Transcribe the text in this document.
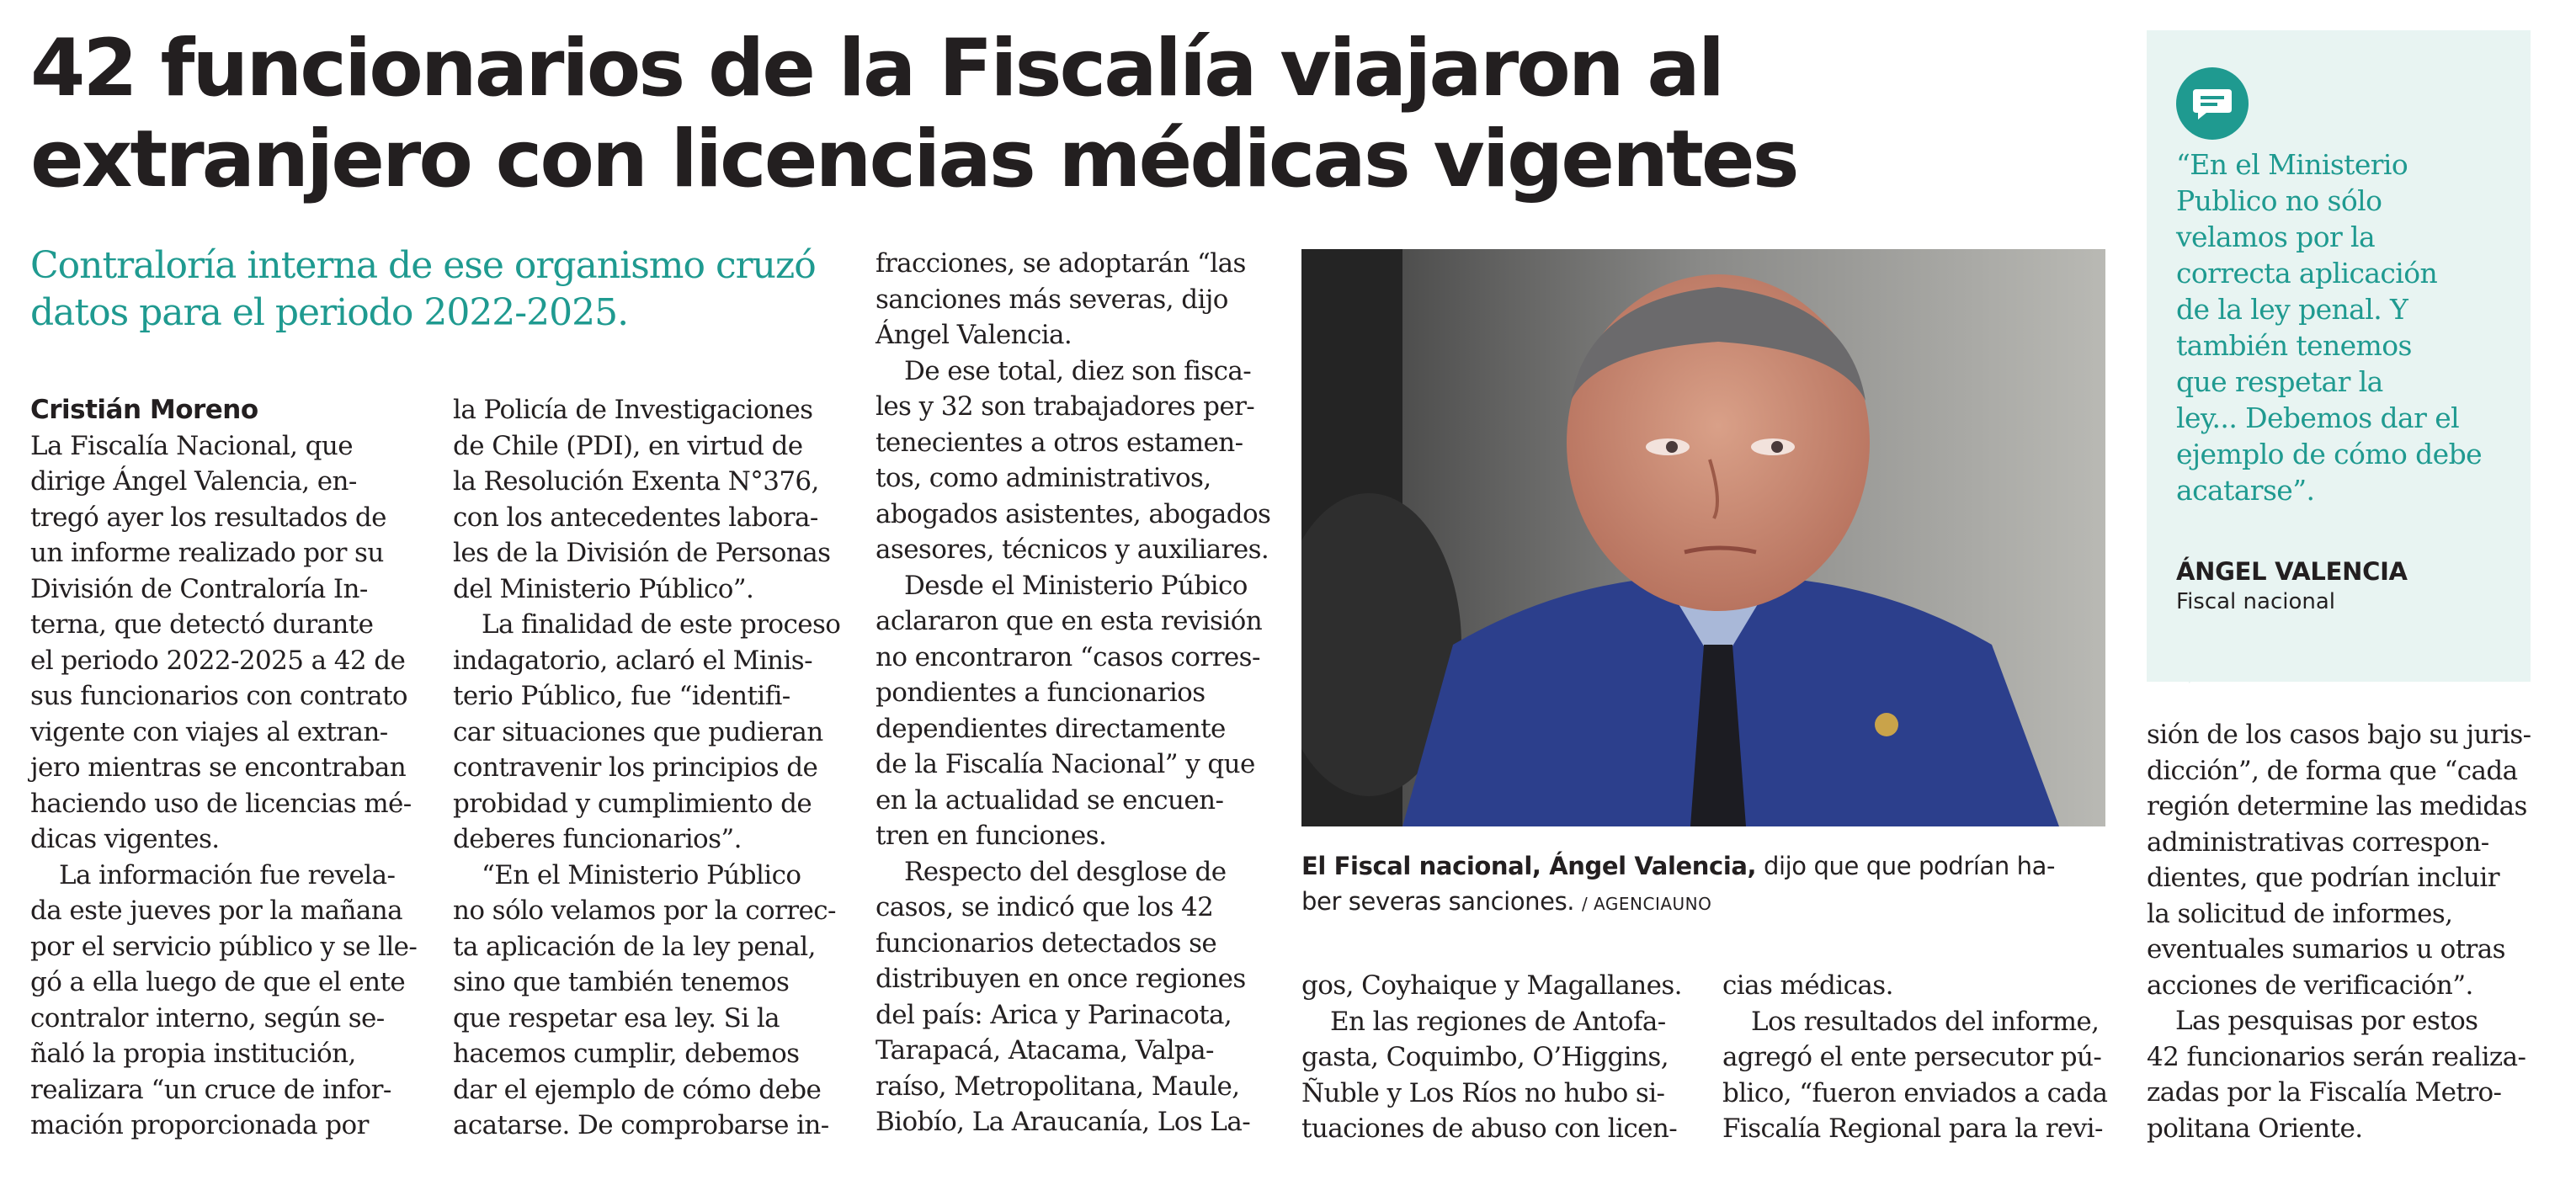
42 funcionarios de la Fiscalía viajaron al
extranjero con licencias médicas vigentes
Contraloría interna de ese organismo cruzó
datos para el periodo 2022-2025.
Cristián Moreno
La Fiscalía Nacional, que
dirige Ángel Valencia, en-
tregó ayer los resultados de
un informe realizado por su
División de Contraloría In-
terna, que detectó durante
el periodo 2022-2025 a 42 de
sus funcionarios con contrato
vigente con viajes al extran-
jero mientras se encontraban
haciendo uso de licencias mé-
dicas vigentes.
La información fue revela-
da este jueves por la mañana
por el servicio público y se lle-
gó a ella luego de que el ente
contralor interno, según se-
ñaló la propia institución,
realizara “un cruce de infor-
mación proporcionada por
la Policía de Investigaciones
de Chile (PDI), en virtud de
la Resolución Exenta N°376,
con los antecedentes labora-
les de la División de Personas
del Ministerio Público”.
La finalidad de este proceso
indagatorio, aclaró el Minis-
terio Público, fue “identifi-
car situaciones que pudieran
contravenir los principios de
probidad y cumplimiento de
deberes funcionarios”.
“En el Ministerio Público
no sólo velamos por la correc-
ta aplicación de la ley penal,
sino que también tenemos
que respetar esa ley. Si la
hacemos cumplir, debemos
dar el ejemplo de cómo debe
acatarse. De comprobarse in-
fracciones, se adoptarán “las
sanciones más severas, dijo
Ángel Valencia.
De ese total, diez son fisca-
les y 32 son trabajadores per-
tenecientes a otros estamen-
tos, como administrativos,
abogados asistentes, abogados
asesores, técnicos y auxiliares.
Desde el Ministerio Púbico
aclararon que en esta revisión
no encontraron “casos corres-
pondientes a funcionarios
dependientes directamente
de la Fiscalía Nacional” y que
en la actualidad se encuen-
tren en funciones.
Respecto del desglose de
casos, se indicó que los 42
funcionarios detectados se
distribuyen en once regiones
del país: Arica y Parinacota,
Tarapacá, Atacama, Valpa-
raíso, Metropolitana, Maule,
Biobío, La Araucanía, Los La-
El Fiscal nacional, Ángel Valencia, dijo que que podrían ha-
ber severas sanciones. / AGENCIAUNO
gos, Coyhaique y Magallanes.
En las regiones de Antofa-
gasta, Coquimbo, O’Higgins,
Ñuble y Los Ríos no hubo si-
tuaciones de abuso con licen-
cias médicas.
Los resultados del informe,
agregó el ente persecutor pú-
blico, “fueron enviados a cada
Fiscalía Regional para la revi-
“En el Ministerio
Publico no sólo
velamos por la
correcta aplicación
de la ley penal. Y
también tenemos
que respetar la
ley... Debemos dar el
ejemplo de cómo debe
acatarse”.
ÁNGEL VALENCIA
Fiscal nacional
sión de los casos bajo su juris-
dicción”, de forma que “cada
región determine las medidas
administrativas correspon-
dientes, que podrían incluir
la solicitud de informes,
eventuales sumarios u otras
acciones de verificación”.
Las pesquisas por estos
42 funcionarios serán realiza-
zadas por la Fiscalía Metro-
politana Oriente.
